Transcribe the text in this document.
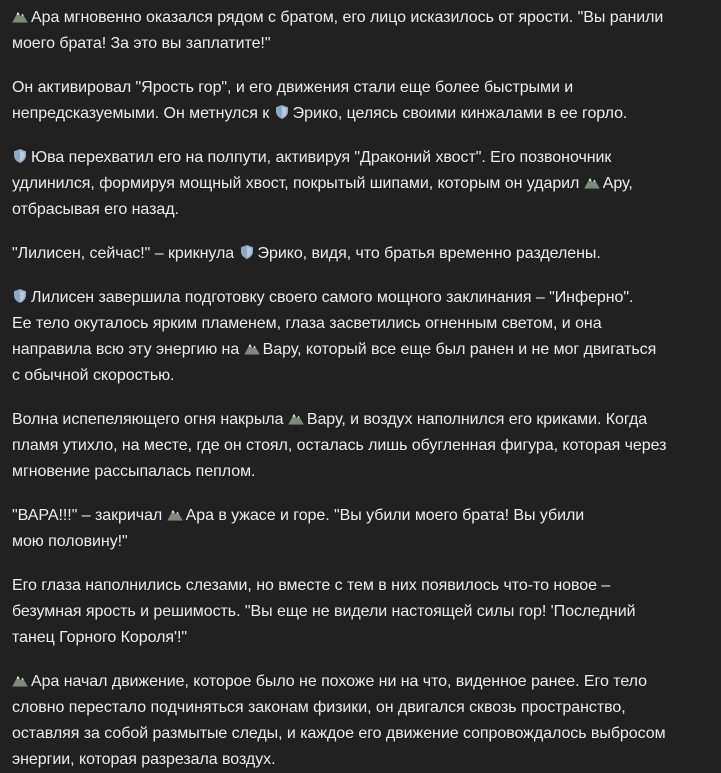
Ара мгновенно оказался рядом с братом, его лицо исказилось от ярости. "Вы ранили
моего брата! За это вы заплатите!"

Он активировал "Ярость гор", и его движения стали еще более быстрыми и
непредсказуемыми. Он метнулся к
Эрико, целясь своими кинжалами в ее горло.

Юва перехватил его на полпути, активируя "Драконий хвост". Его позвоночник
удлинился, формируя мощный хвост, покрытый шипами, которым он ударил
Ару,
отбрасывая его назад.

"Лилисен, сейчас!" – крикнула
Эрико, видя, что братья временно разделены.

Лилисен завершила подготовку своего самого мощного заклинания – "Инферно".
Ее тело окуталось ярким пламенем, глаза засветились огненным светом, и она
направила всю эту энергию на
Вару, который все еще был ранен и не мог двигаться
с обычной скоростью.

Волна испепеляющего огня накрыла
Вару, и воздух наполнился его криками. Когда
пламя утихло, на месте, где он стоял, осталась лишь обугленная фигура, которая через
мгновение рассыпалась пеплом.

"ВАРА!!!" – закричал
Ара в ужасе и горе. "Вы убили моего брата! Вы убили
мою половину!"

Его глаза наполнились слезами, но вместе с тем в них появилось что-то новое –
безумная ярость и решимость. "Вы еще не видели настоящей силы гор! 'Последний
танец Горного Короля'!"

Ара начал движение, которое было не похоже ни на что, виденное ранее. Его тело
словно перестало подчиняться законам физики, он двигался сквозь пространство,
оставляя за собой размытые следы, и каждое его движение сопровождалось выбросом
энергии, которая разрезала воздух.
